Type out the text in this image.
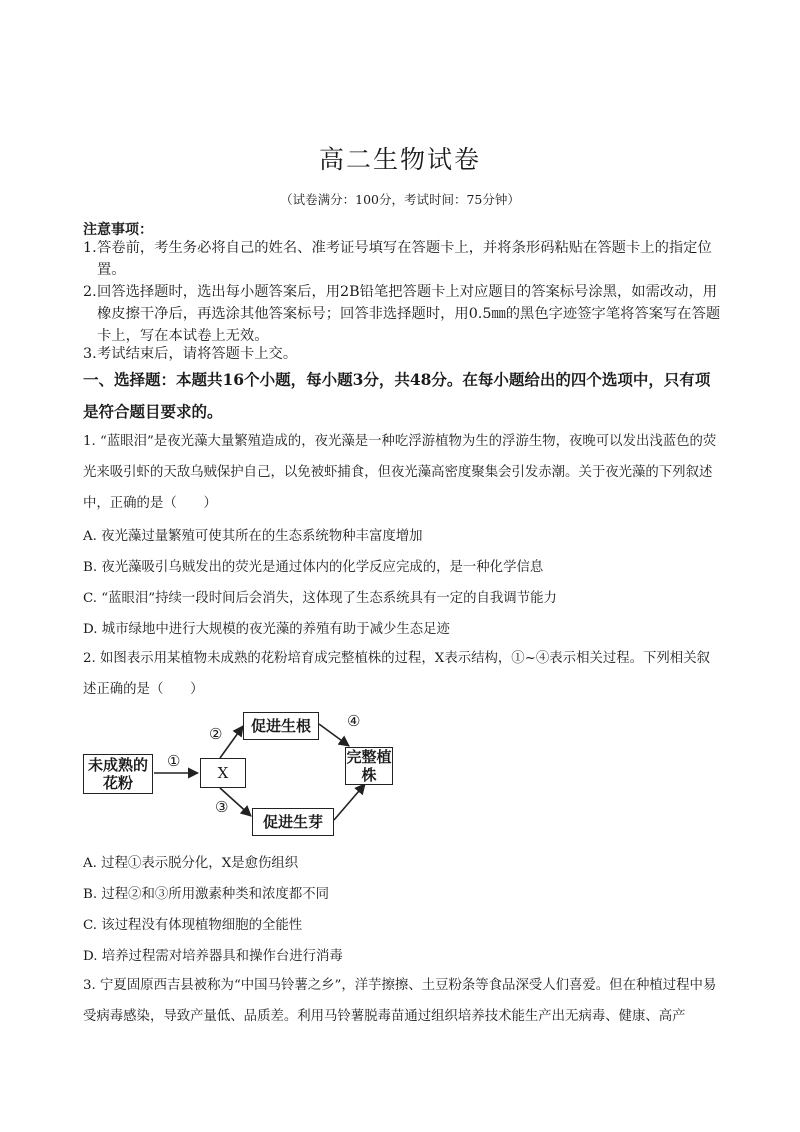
高二生物试卷
（试卷满分：100分，考试时间：75分钟）
注意事项：
1. 答卷前，考生务必将自己的姓名、准考证号填写在答题卡上，并将条形码粘贴在答题卡上的指定位置。
2. 回答选择题时，选出每小题答案后，用2B铅笔把答题卡上对应题目的答案标号涂黑，如需改动，用橡皮擦干净后，再选涂其他答案标号；回答非选择题时，用0.5㎜的黑色字迹签字笔将答案写在答题卡上，写在本试卷上无效。
3. 考试结束后，请将答题卡上交。
一、选择题：本题共16个小题，每小题3分，共48分。在每小题给出的四个选项中，只有项是符合题目要求的。
1. “蓝眼泪”是夜光藻大量繁殖造成的，夜光藻是一种吃浮游植物为生的浮游生物，夜晚可以发出浅蓝色的荧光来吸引虾的天敌乌贼保护自己，以免被虾捕食，但夜光藻高密度聚集会引发赤潮。关于夜光藻的下列叙述中，正确的是（　　）
A. 夜光藻过量繁殖可使其所在的生态系统物种丰富度增加
B. 夜光藻吸引乌贼发出的荧光是通过体内的化学反应完成的，是一种化学信息
C. “蓝眼泪”持续一段时间后会消失，这体现了生态系统具有一定的自我调节能力
D. 城市绿地中进行大规模的夜光藻的养殖有助于减少生态足迹
2. 如图表示用某植物未成熟的花粉培育成完整植株的过程，X表示结构，①~④表示相关过程。下列相关叙述正确的是（　　）
未成熟的花粉
X
促进生根
促进生芽
完整植株
①
②
③
④
A. 过程①表示脱分化，X是愈伤组织
B. 过程②和③所用激素种类和浓度都不同
C. 该过程没有体现植物细胞的全能性
D. 培养过程需对培养器具和操作台进行消毒
3. 宁夏固原西吉县被称为“中国马铃薯之乡”，洋芋擦擦、土豆粉条等食品深受人们喜爱。但在种植过程中易受病毒感染，导致产量低、品质差。利用马铃薯脱毒苗通过组织培养技术能生产出无病毒、健康、高产
